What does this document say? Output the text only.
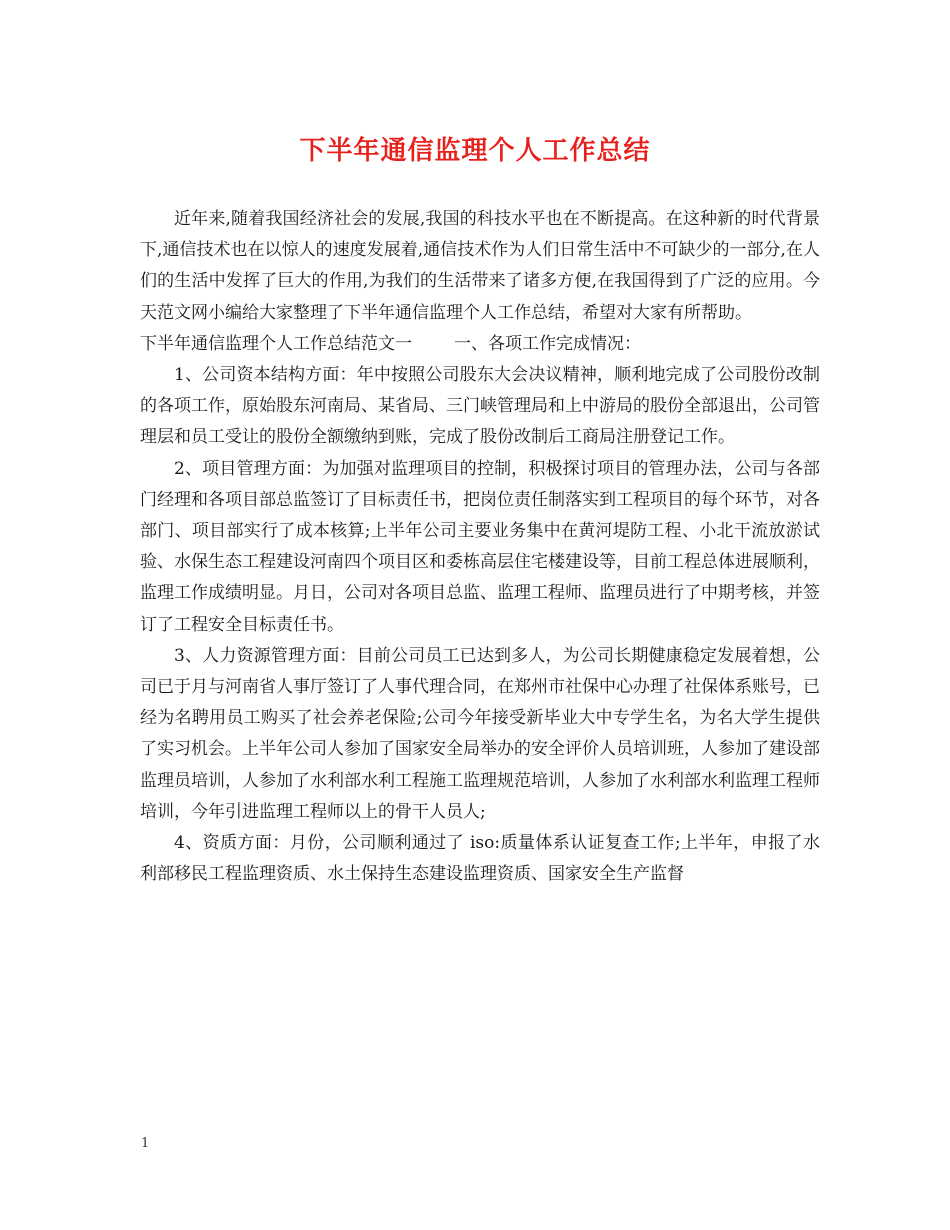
下半年通信监理个人工作总结

近年来,随着我国经济社会的发展,我国的科技水平也在不断提高。在这种新的时代背景下,通信技术也在以惊人的速度发展着,通信技术作为人们日常生活中不可缺少的一部分,在人们的生活中发挥了巨大的作用,为我们的生活带来了诸多方便,在我国得到了广泛的应用。今天范文网小编给大家整理了下半年通信监理个人工作总结，希望对大家有所帮助。

下半年通信监理个人工作总结范文一 一、各项工作完成情况：

1、公司资本结构方面：年中按照公司股东大会决议精神，顺利地完成了公司股份改制的各项工作，原始股东河南局、某省局、三门峡管理局和上中游局的股份全部退出，公司管理层和员工受让的股份全额缴纳到账，完成了股份改制后工商局注册登记工作。

2、项目管理方面：为加强对监理项目的控制，积极探讨项目的管理办法，公司与各部门经理和各项目部总监签订了目标责任书，把岗位责任制落实到工程项目的每个环节，对各部门、项目部实行了成本核算;上半年公司主要业务集中在黄河堤防工程、小北干流放淤试验、水保生态工程建设河南四个项目区和委栋高层住宅楼建设等，目前工程总体进展顺利，监理工作成绩明显。月日，公司对各项目总监、监理工程师、监理员进行了中期考核，并签订了工程安全目标责任书。

3、人力资源管理方面：目前公司员工已达到多人，为公司长期健康稳定发展着想，公司已于月与河南省人事厅签订了人事代理合同，在郑州市社保中心办理了社保体系账号，已经为名聘用员工购买了社会养老保险;公司今年接受新毕业大中专学生名，为名大学生提供了实习机会。上半年公司人参加了国家安全局举办的安全评价人员培训班，人参加了建设部监理员培训，人参加了水利部水利工程施工监理规范培训，人参加了水利部水利监理工程师培训，今年引进监理工程师以上的骨干人员人;

4、资质方面：月份，公司顺利通过了 iso:质量体系认证复查工作;上半年，申报了水利部移民工程监理资质、水土保持生态建设监理资质、国家安全生产监督

1
